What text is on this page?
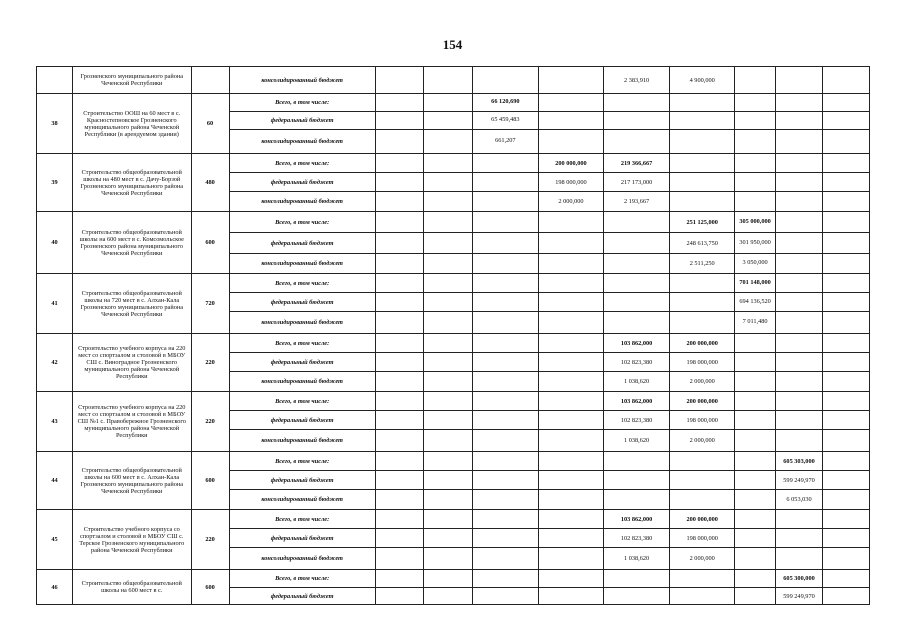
154
	Грозненского муниципального района Чеченской Республики		консолидированный бюджет					2 383,910	4 900,000			
38	Строительство ООШ на 60 мест в с. Красностепновское Грозненского муниципального района Чеченской Республики (в арендуемом здании)	60	Всего, в том числе:			66 120,690						
			федеральный бюджет			65 459,483						
			консолидированный бюджет			661,207						
39	Строительство общеобразовательной школы на 480 мест в с. Дачу-Борзой Грозненского муниципального района Чеченской Республики	480	Всего, в том числе:				200 000,000	219 366,667				
			федеральный бюджет				198 000,000	217 173,000				
			консолидированный бюджет				2 000,000	2 193,667				
40	Строительство общеобразовательной школы на 600 мест в с. Комсомольское Грозненского района муниципального Чеченской Республики	600	Всего, в том числе:						251 125,000	305 000,000		
			федеральный бюджет						248 613,750	301 950,000		
			консолидированный бюджет						2 511,250	3 050,000		
41	Строительство общеобразовательной школы на 720 мест в с. Алхан-Кала Грозненского муниципального района Чеченской Республики	720	Всего, в том числе:							701 148,000		
			федеральный бюджет							694 136,520		
			консолидированный бюджет							7 011,480		
42	Строительство учебного корпуса на 220 мест со спортзалом и столовой в МБОУ СШ с. Виноградное Грозненского муниципального района Чеченской Республики	220	Всего, в том числе:					103 862,000	200 000,000			
			федеральный бюджет					102 823,380	198 000,000			
			консолидированный бюджет					1 038,620	2 000,000			
43	Строительство учебного корпуса на 220 мест со спортзалом и столовой в МБОУ СШ №1 с. Правобережное Грозненского муниципального района Чеченской Республики	220	Всего, в том числе:					103 862,000	200 000,000			
			федеральный бюджет					102 823,380	198 000,000			
			консолидированный бюджет					1 038,620	2 000,000			
44	Строительство общеобразовательной школы на 600 мест в с. Алхан-Кала Грозненского муниципального района Чеченской Республики	600	Всего, в том числе:								605 303,000	
			федеральный бюджет								599 249,970	
			консолидированный бюджет								6 053,030	
45	Строительство учебного корпуса со спортзалом и столовой в МБОУ СШ с. Терское Грозненского муниципального района Чеченской Республики	220	Всего, в том числе:					103 862,000	200 000,000			
			федеральный бюджет					102 823,380	198 000,000			
			консолидированный бюджет					1 038,620	2 000,000			
46	Строительство общеобразовательной школы на 600 мест в с.	600	Всего, в том числе:								605 300,000	
			федеральный бюджет								599 249,970	
